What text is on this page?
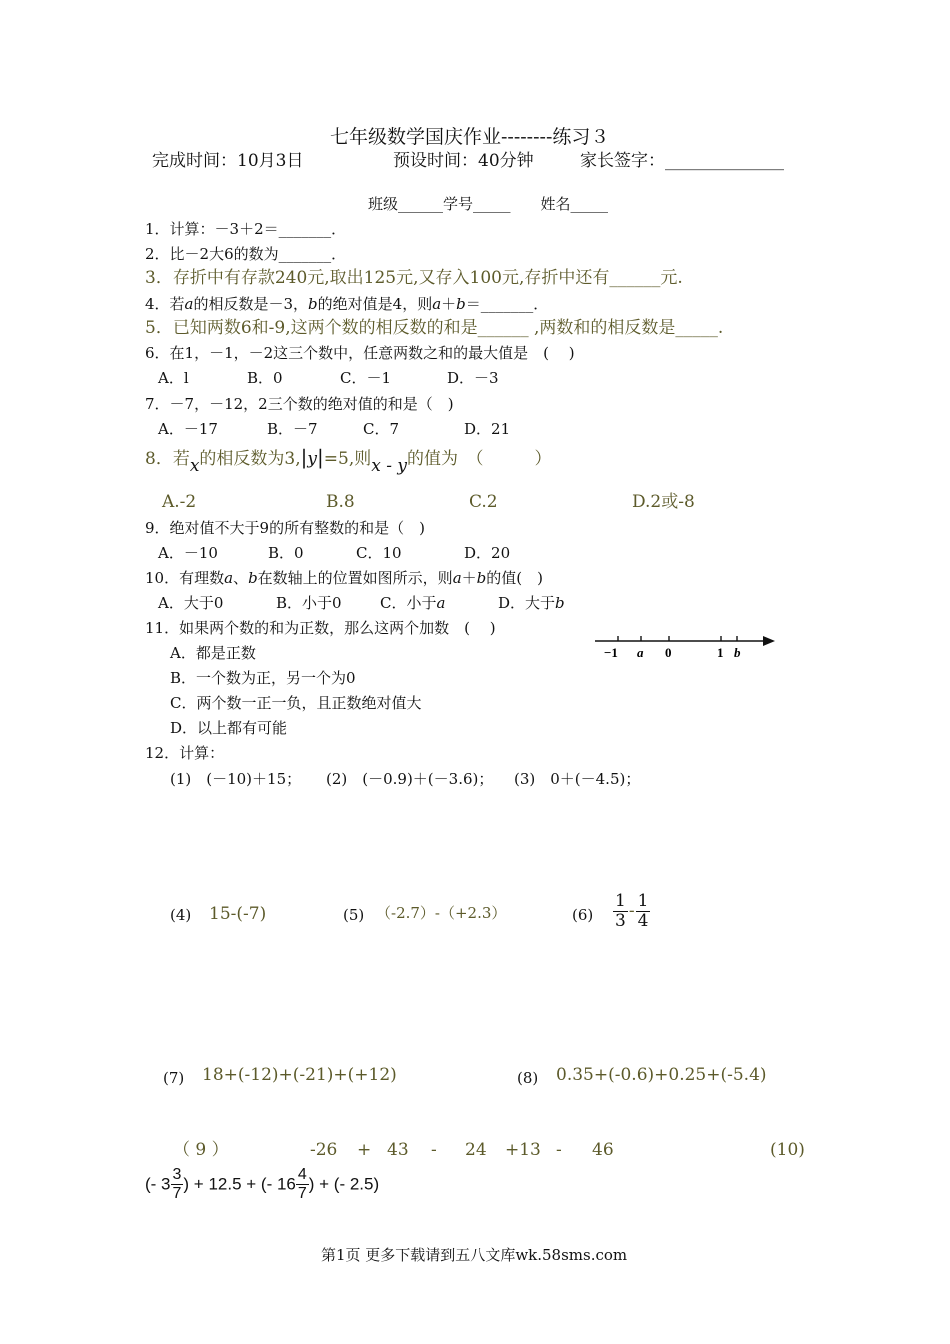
七年级数学国庆作业--------练习３
完成时间：10月3日	预设时间：40分钟	家长签字：______________
班级______学号_____　　姓名_____
1．计算：－3＋2＝_______．
2．比－2大6的数为_______．
3．存折中有存款240元,取出125元,又存入100元,存折中还有______元.
4．若a的相反数是－3，b的绝对值是4，则a＋b＝_______．
5．已知两数6和-9,这两个数的相反数的和是______ ,两数和的相反数是_____.
6．在1，－1，－2这三个数中，任意两数之和的最大值是　(　 )
A．l	B．0	C．－1	D．－3
7．－7，－12，2三个数的绝对值的和是（　)
A．－17	B．－7	C．7	D．21
8．若x的相反数为3,|y|=5,则x - y的值为　（　　　）
A.-2	B.8	C.2	D.2或-8
9．绝对值不大于9的所有整数的和是（　)
A．－10	B．0	C．10	D．20
10．有理数a、b在数轴上的位置如图所示，则a＋b的值(　)
A．大于0	B．小于0	C．小于a	D．大于b
−1 a 0	1 b
11．如果两个数的和为正数，那么这两个加数　(　 )
A．都是正数
B．一个数为正，另一个为0
C．两个数一正一负，且正数绝对值大
D．以上都有可能
12．计算：
(1)　(－10)＋15； (2)　(－0.9)＋(－3.6)； (3)　0＋(－4.5)；
(4) 15-(-7)	(5) （-2.7）-（+2.3）	$(6) \frac{1}{3} - \frac{1}{4}$
(7) 18+(-12)+(-21)+(+12)	(8) 0.35+(-0.6)+0.25+(-5.4)
（ 9 ）	-26 + 43 - 24 +13 - 46	(10)
(- $3 \frac{3}{7}$ ) + 12.5 + (- $16 \frac{4}{7}$ ) + (- 2.5)
第1页 更多下载请到五八文库wk.58sms.com
